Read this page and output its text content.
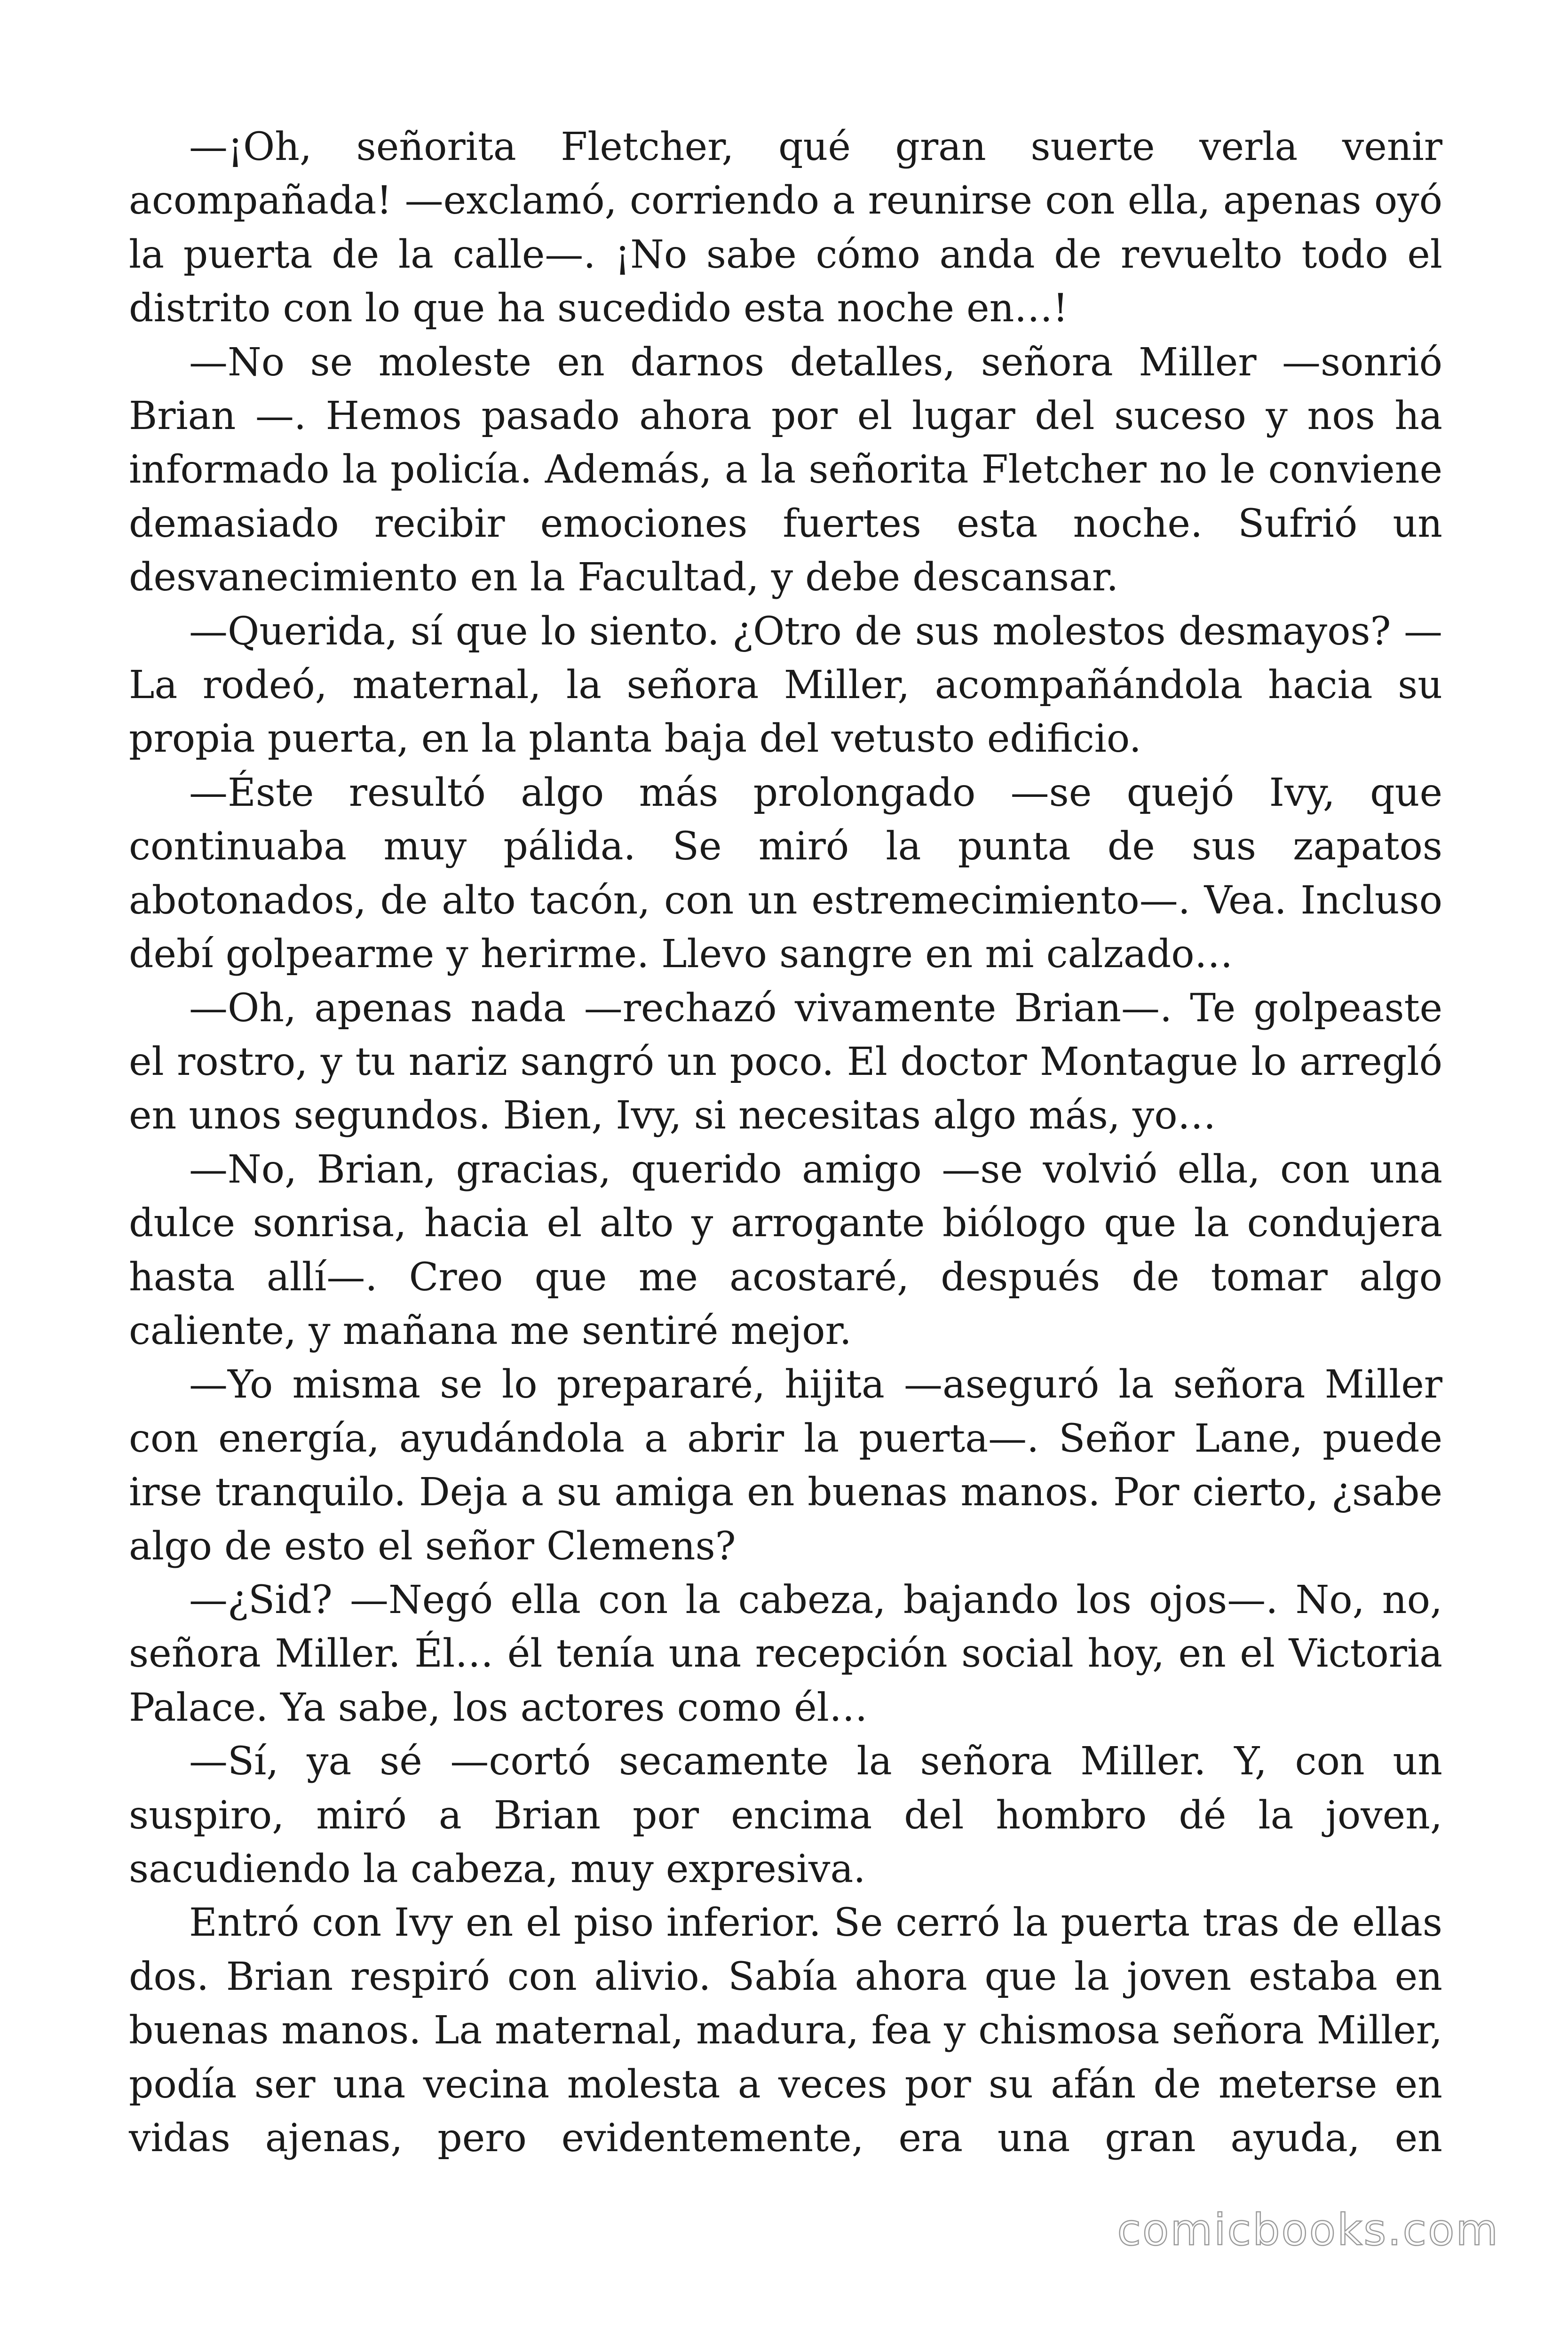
—¡Oh, señorita Fletcher, qué gran suerte verla venir acompañada! —exclamó, corriendo a reunirse con ella, apenas oyó la puerta de la calle—. ¡No sabe cómo anda de revuelto todo el distrito con lo que ha sucedido esta noche en…!

—No se moleste en darnos detalles, señora Miller —sonrió Brian —. Hemos pasado ahora por el lugar del suceso y nos ha informado la policía. Además, a la señorita Fletcher no le conviene demasiado recibir emociones fuertes esta noche. Sufrió un desvanecimiento en la Facultad, y debe descansar.

—Querida, sí que lo siento. ¿Otro de sus molestos desmayos? —La rodeó, maternal, la señora Miller, acompañándola hacia su propia puerta, en la planta baja del vetusto edificio.

—Éste resultó algo más prolongado —se quejó Ivy, que continuaba muy pálida. Se miró la punta de sus zapatos abotonados, de alto tacón, con un estremecimiento—. Vea. Incluso debí golpearme y herirme. Llevo sangre en mi calzado…

—Oh, apenas nada —rechazó vivamente Brian—. Te golpeaste el rostro, y tu nariz sangró un poco. El doctor Montague lo arregló en unos segundos. Bien, Ivy, si necesitas algo más, yo…

—No, Brian, gracias, querido amigo —se volvió ella, con una dulce sonrisa, hacia el alto y arrogante biólogo que la condujera hasta allí—. Creo que me acostaré, después de tomar algo caliente, y mañana me sentiré mejor.

—Yo misma se lo prepararé, hijita —aseguró la señora Miller con energía, ayudándola a abrir la puerta—. Señor Lane, puede irse tranquilo. Deja a su amiga en buenas manos. Por cierto, ¿sabe algo de esto el señor Clemens?

—¿Sid? —Negó ella con la cabeza, bajando los ojos—. No, no, señora Miller. Él… él tenía una recepción social hoy, en el Victoria Palace. Ya sabe, los actores como él…

—Sí, ya sé —cortó secamente la señora Miller. Y, con un suspiro, miró a Brian por encima del hombro dé la joven, sacudiendo la cabeza, muy expresiva.

Entró con Ivy en el piso inferior. Se cerró la puerta tras de ellas dos. Brian respiró con alivio. Sabía ahora que la joven estaba en buenas manos. La maternal, madura, fea y chismosa señora Miller, podía ser una vecina molesta a veces por su afán de meterse en vidas ajenas, pero evidentemente, era una gran ayuda, en

comicbooks.com
